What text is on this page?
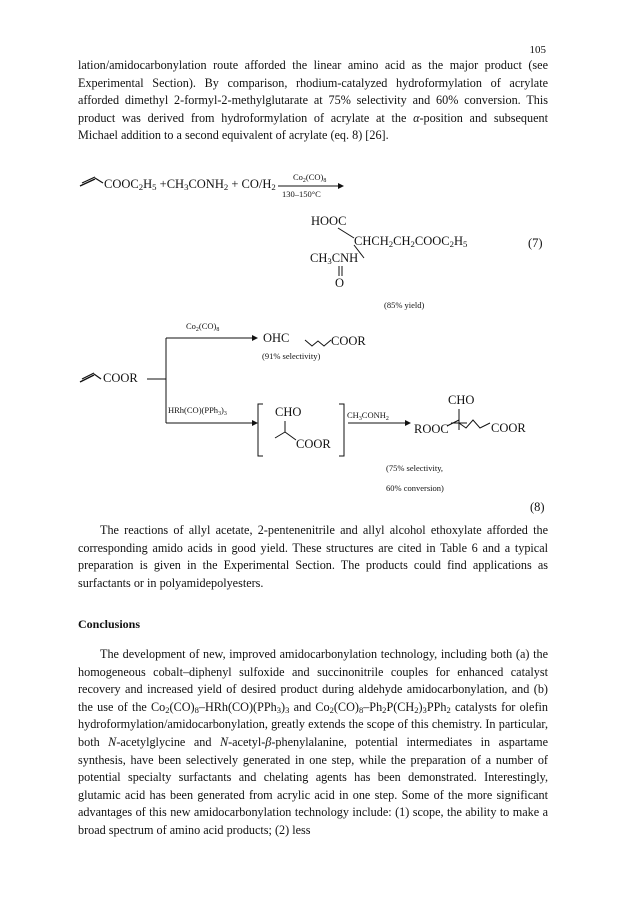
105

lation/amidocarbonylation route afforded the linear amino acid as the major product (see Experimental Section). By comparison, rhodium-catalyzed hydroformylation of acrylate afforded dimethyl 2-formyl-2-methylglutarate at 75% selectivity and 60% conversion. This product was derived from hydroformylation of acrylate at the α-position and subsequent Michael addition to a second equivalent of acrylate (eq. 8) [26].

$COOC_2H_5$ $+CH_3CONH_2 + CO/H_2$
$Co_2(CO)_8$
130–150°C
HOOC
$CHCH_2CH_2COOC_2H_5$	(7)
$CH_3CNH$
O
(85% yield)
COOR
$Co_2(CO)_8$
OHC	COOR
(91% selectivity)
$HRh(CO)(PPh_3)_3$	CHO
COOR
$CH_3CONH_2$
CHO
ROOC	COOR
(75% selectivity,
60% conversion)
(8)

The reactions of allyl acetate, 2-pentenenitrile and allyl alcohol ethoxylate afforded the corresponding amido acids in good yield. These structures are cited in Table 6 and a typical preparation is given in the Experimental Section. The products could find applications as surfactants or in polyamidepolyesters.

Conclusions

The development of new, improved amidocarbonylation technology, including both (a) the homogeneous cobalt–diphenyl sulfoxide and succinonitrile couples for enhanced catalyst recovery and increased yield of desired product during aldehyde amidocarbonylation, and (b) the use of the $Co_2(CO)_8-HRh(CO)(PPh_3)_3$ and $Co_2(CO)_8-Ph_2P(CH_2)_3PPh_2$ catalysts for olefin hydroformylation/amidocarbonylation, greatly extends the scope of this chemistry. In particular, both N-acetylglycine and N-acetyl-β-phenylalanine, potential intermediates in aspartame synthesis, have been selectively generated in one step, while the preparation of a number of potential specialty surfactants and chelating agents has been demonstrated. Interestingly, glutamic acid has been generated from acrylic acid in one step. Some of the more significant advantages of this new amidocarbonylation technology include: (1) scope, the ability to make a broad spectrum of amino acid products; (2) less
